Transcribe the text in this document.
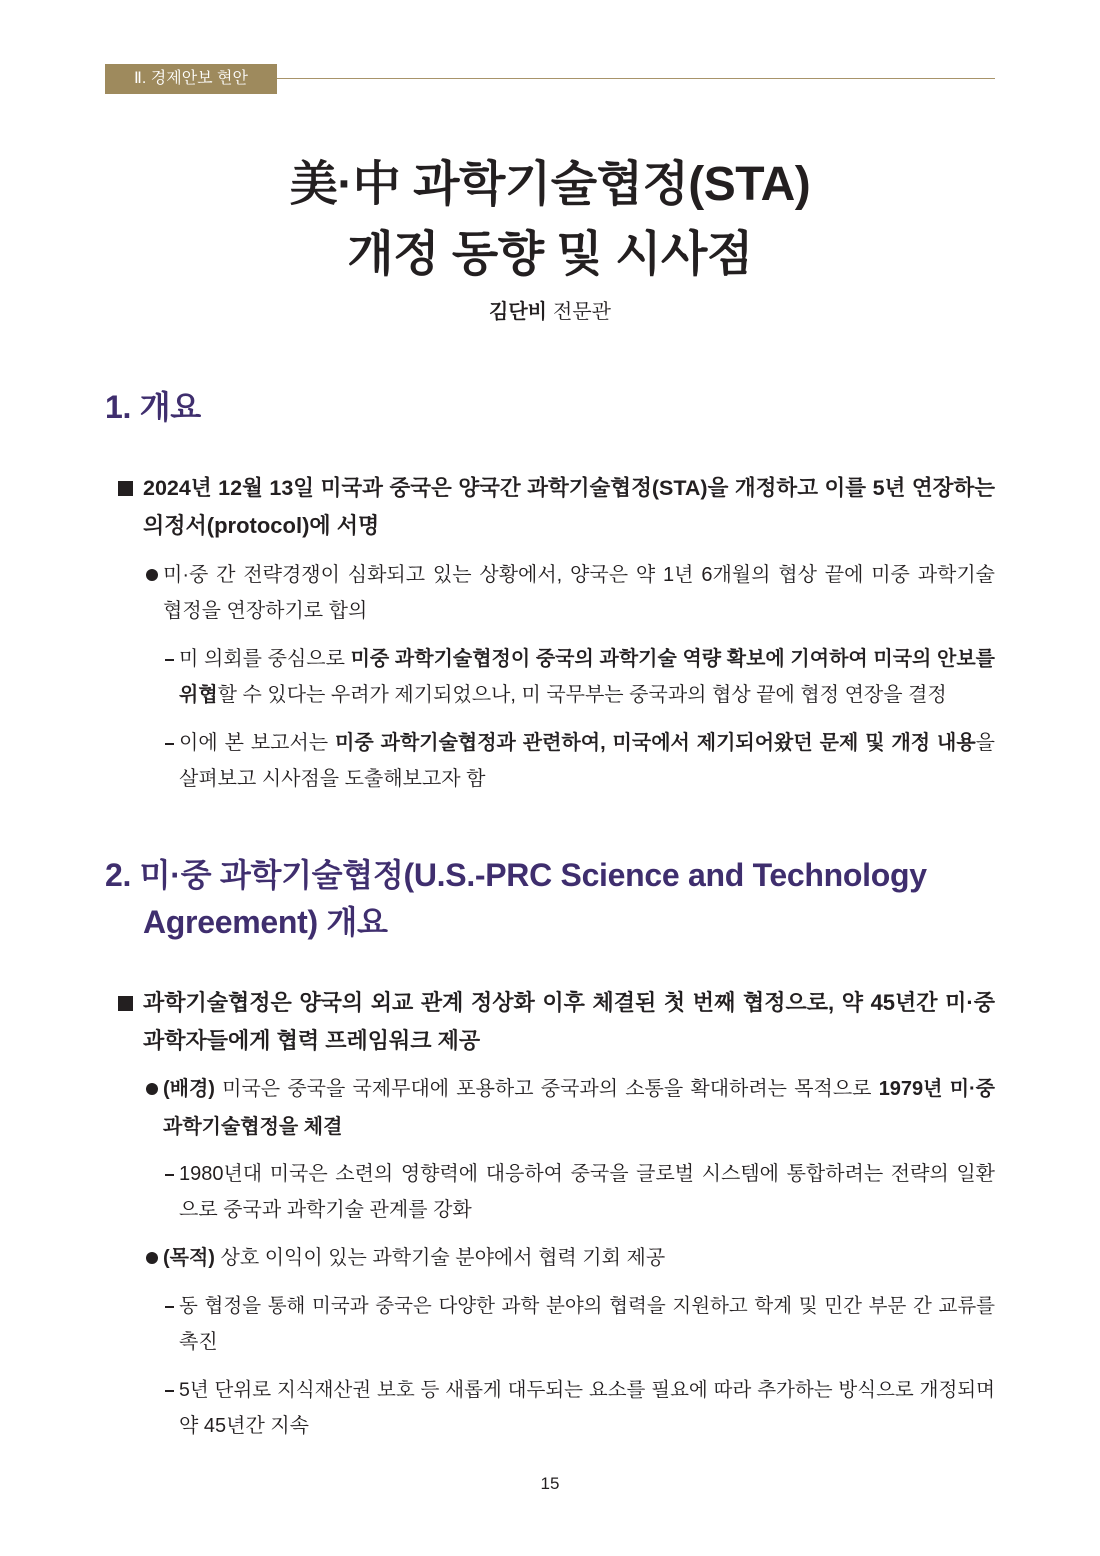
Ⅱ. 경제안보 현안
美·中 과학기술협정(STA)
개정 동향 및 시사점
김단비 전문관
1. 개요
2024년 12월 13일 미국과 중국은 양국간 과학기술협정(STA)을 개정하고 이를 5년 연장하는
의정서(protocol)에 서명
미·중 간 전략경쟁이 심화되고 있는 상황에서, 양국은 약 1년 6개월의 협상 끝에 미중 과학기술
협정을 연장하기로 합의
미 의회를 중심으로 미중 과학기술협정이 중국의 과학기술 역량 확보에 기여하여 미국의 안보를
위협할 수 있다는 우려가 제기되었으나, 미 국무부는 중국과의 협상 끝에 협정 연장을 결정
이에 본 보고서는 미중 과학기술협정과 관련하여, 미국에서 제기되어왔던 문제 및 개정 내용을
살펴보고 시사점을 도출해보고자 함
2. 미·중 과학기술협정(U.S.-PRC Science and Technology
Agreement) 개요
과학기술협정은 양국의 외교 관계 정상화 이후 체결된 첫 번째 협정으로, 약 45년간 미·중
과학자들에게 협력 프레임워크 제공
(배경) 미국은 중국을 국제무대에 포용하고 중국과의 소통을 확대하려는 목적으로 1979년 미·중
과학기술협정을 체결
1980년대 미국은 소련의 영향력에 대응하여 중국을 글로벌 시스템에 통합하려는 전략의 일환
으로 중국과 과학기술 관계를 강화
(목적) 상호 이익이 있는 과학기술 분야에서 협력 기회 제공
동 협정을 통해 미국과 중국은 다양한 과학 분야의 협력을 지원하고 학계 및 민간 부문 간 교류를
촉진
5년 단위로 지식재산권 보호 등 새롭게 대두되는 요소를 필요에 따라 추가하는 방식으로 개정되며
약 45년간 지속
15
